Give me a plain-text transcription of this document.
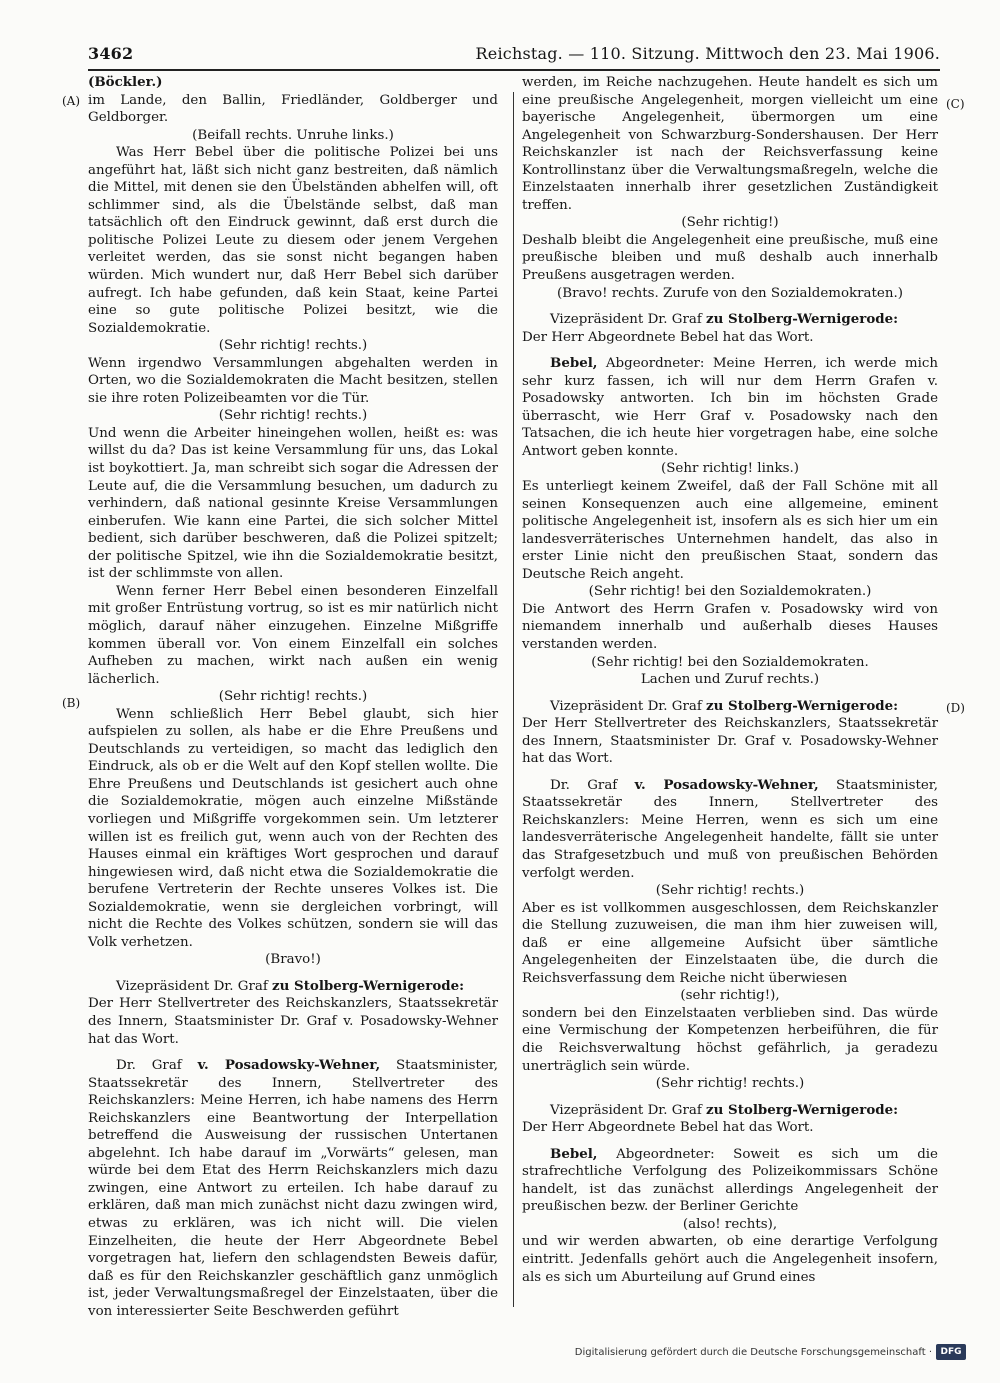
3462	Reichstag. — 110. Sitzung. Mittwoch den 23. Mai 1906.
(A)
(B)
(C)
(D)

(Böckler.)

im Lande, den Ballin, Friedländer, Goldberger und Geldborger.

(Beifall rechts. Unruhe links.)

Was Herr Bebel über die politische Polizei bei uns angeführt hat, läßt sich nicht ganz bestreiten, daß nämlich die Mittel, mit denen sie den Übelständen abhelfen will, oft schlimmer sind, als die Übelstände selbst, daß man tatsächlich oft den Eindruck gewinnt, daß erst durch die politische Polizei Leute zu diesem oder jenem Vergehen verleitet werden, das sie sonst nicht begangen haben würden. Mich wundert nur, daß Herr Bebel sich darüber aufregt. Ich habe gefunden, daß kein Staat, keine Partei eine so gute politische Polizei besitzt, wie die Sozialdemokratie.

(Sehr richtig! rechts.)

Wenn irgendwo Versammlungen abgehalten werden in Orten, wo die Sozialdemokraten die Macht besitzen, stellen sie ihre roten Polizeibeamten vor die Tür.

(Sehr richtig! rechts.)

Und wenn die Arbeiter hineingehen wollen, heißt es: was willst du da? Das ist keine Versammlung für uns, das Lokal ist boykottiert. Ja, man schreibt sich sogar die Adressen der Leute auf, die die Versammlung besuchen, um dadurch zu verhindern, daß national gesinnte Kreise Versammlungen einberufen. Wie kann eine Partei, die sich solcher Mittel bedient, sich darüber beschweren, daß die Polizei spitzelt; der politische Spitzel, wie ihn die Sozialdemokratie besitzt, ist der schlimmste von allen.

Wenn ferner Herr Bebel einen besonderen Einzelfall mit großer Entrüstung vortrug, so ist es mir natürlich nicht möglich, darauf näher einzugehen. Einzelne Mißgriffe kommen überall vor. Von einem Einzelfall ein solches Aufheben zu machen, wirkt nach außen ein wenig lächerlich.

(Sehr richtig! rechts.)

Wenn schließlich Herr Bebel glaubt, sich hier aufspielen zu sollen, als habe er die Ehre Preußens und Deutschlands zu verteidigen, so macht das lediglich den Eindruck, als ob er die Welt auf den Kopf stellen wollte. Die Ehre Preußens und Deutschlands ist gesichert auch ohne die Sozialdemokratie, mögen auch einzelne Mißstände vorliegen und Mißgriffe vorgekommen sein. Um letzterer willen ist es freilich gut, wenn auch von der Rechten des Hauses einmal ein kräftiges Wort gesprochen und darauf hingewiesen wird, daß nicht etwa die Sozialdemokratie die berufene Vertreterin der Rechte unseres Volkes ist. Die Sozialdemokratie, wenn sie dergleichen vorbringt, will nicht die Rechte des Volkes schützen, sondern sie will das Volk verhetzen.

(Bravo!)

Vizepräsident Dr. Graf zu Stolberg-Wernigerode:

Der Herr Stellvertreter des Reichskanzlers, Staatssekretär des Innern, Staatsminister Dr. Graf v. Posadowsky-Wehner hat das Wort.

Dr. Graf v. Posadowsky-Wehner, Staatsminister, Staatssekretär des Innern, Stellvertreter des Reichskanzlers: Meine Herren, ich habe namens des Herrn Reichskanzlers eine Beantwortung der Interpellation betreffend die Ausweisung der russischen Untertanen abgelehnt. Ich habe darauf im „Vorwärts“ gelesen, man würde bei dem Etat des Herrn Reichskanzlers mich dazu zwingen, eine Antwort zu erteilen. Ich habe darauf zu erklären, daß man mich zunächst nicht dazu zwingen wird, etwas zu erklären, was ich nicht will. Die vielen Einzelheiten, die heute der Herr Abgeordnete Bebel vorgetragen hat, liefern den schlagendsten Beweis dafür, daß es für den Reichskanzler geschäftlich ganz unmöglich ist, jeder Verwaltungsmaßregel der Einzelstaaten, über die von interessierter Seite Beschwerden geführt

werden, im Reiche nachzugehen. Heute handelt es sich um eine preußische Angelegenheit, morgen vielleicht um eine bayerische Angelegenheit, übermorgen um eine Angelegenheit von Schwarzburg-Sondershausen. Der Herr Reichskanzler ist nach der Reichsverfassung keine Kontrollinstanz über die Verwaltungsmaßregeln, welche die Einzelstaaten innerhalb ihrer gesetzlichen Zuständigkeit treffen.

(Sehr richtig!)

Deshalb bleibt die Angelegenheit eine preußische, muß eine preußische bleiben und muß deshalb auch innerhalb Preußens ausgetragen werden.

(Bravo! rechts. Zurufe von den Sozialdemokraten.)

Vizepräsident Dr. Graf zu Stolberg-Wernigerode:

Der Herr Abgeordnete Bebel hat das Wort.

Bebel, Abgeordneter: Meine Herren, ich werde mich sehr kurz fassen, ich will nur dem Herrn Grafen v. Posadowsky antworten. Ich bin im höchsten Grade überrascht, wie Herr Graf v. Posadowsky nach den Tatsachen, die ich heute hier vorgetragen habe, eine solche Antwort geben konnte.

(Sehr richtig! links.)

Es unterliegt keinem Zweifel, daß der Fall Schöne mit all seinen Konsequenzen auch eine allgemeine, eminent politische Angelegenheit ist, insofern als es sich hier um ein landesverräterisches Unternehmen handelt, das also in erster Linie nicht den preußischen Staat, sondern das Deutsche Reich angeht.

(Sehr richtig! bei den Sozialdemokraten.)

Die Antwort des Herrn Grafen v. Posadowsky wird von niemandem innerhalb und außerhalb dieses Hauses verstanden werden.

(Sehr richtig! bei den Sozialdemokraten.

Lachen und Zuruf rechts.)

Vizepräsident Dr. Graf zu Stolberg-Wernigerode:

Der Herr Stellvertreter des Reichskanzlers, Staatssekretär des Innern, Staatsminister Dr. Graf v. Posadowsky-Wehner hat das Wort.

Dr. Graf v. Posadowsky-Wehner, Staatsminister, Staatssekretär des Innern, Stellvertreter des Reichskanzlers: Meine Herren, wenn es sich um eine landesverräterische Angelegenheit handelte, fällt sie unter das Strafgesetzbuch und muß von preußischen Behörden verfolgt werden.

(Sehr richtig! rechts.)

Aber es ist vollkommen ausgeschlossen, dem Reichskanzler die Stellung zuzuweisen, die man ihm hier zuweisen will, daß er eine allgemeine Aufsicht über sämtliche Angelegenheiten der Einzelstaaten übe, die durch die Reichsverfassung dem Reiche nicht überwiesen

(sehr richtig!),

sondern bei den Einzelstaaten verblieben sind. Das würde eine Vermischung der Kompetenzen herbeiführen, die für die Reichsverwaltung höchst gefährlich, ja geradezu unerträglich sein würde.

(Sehr richtig! rechts.)

Vizepräsident Dr. Graf zu Stolberg-Wernigerode:

Der Herr Abgeordnete Bebel hat das Wort.

Bebel, Abgeordneter: Soweit es sich um die strafrechtliche Verfolgung des Polizeikommissars Schöne handelt, ist das zunächst allerdings Angelegenheit der preußischen bezw. der Berliner Gerichte

(also! rechts),

und wir werden abwarten, ob eine derartige Verfolgung eintritt. Jedenfalls gehört auch die Angelegenheit insofern, als es sich um Aburteilung auf Grund eines

Digitalisierung gefördert durch die Deutsche Forschungsgemeinschaft · DFG
